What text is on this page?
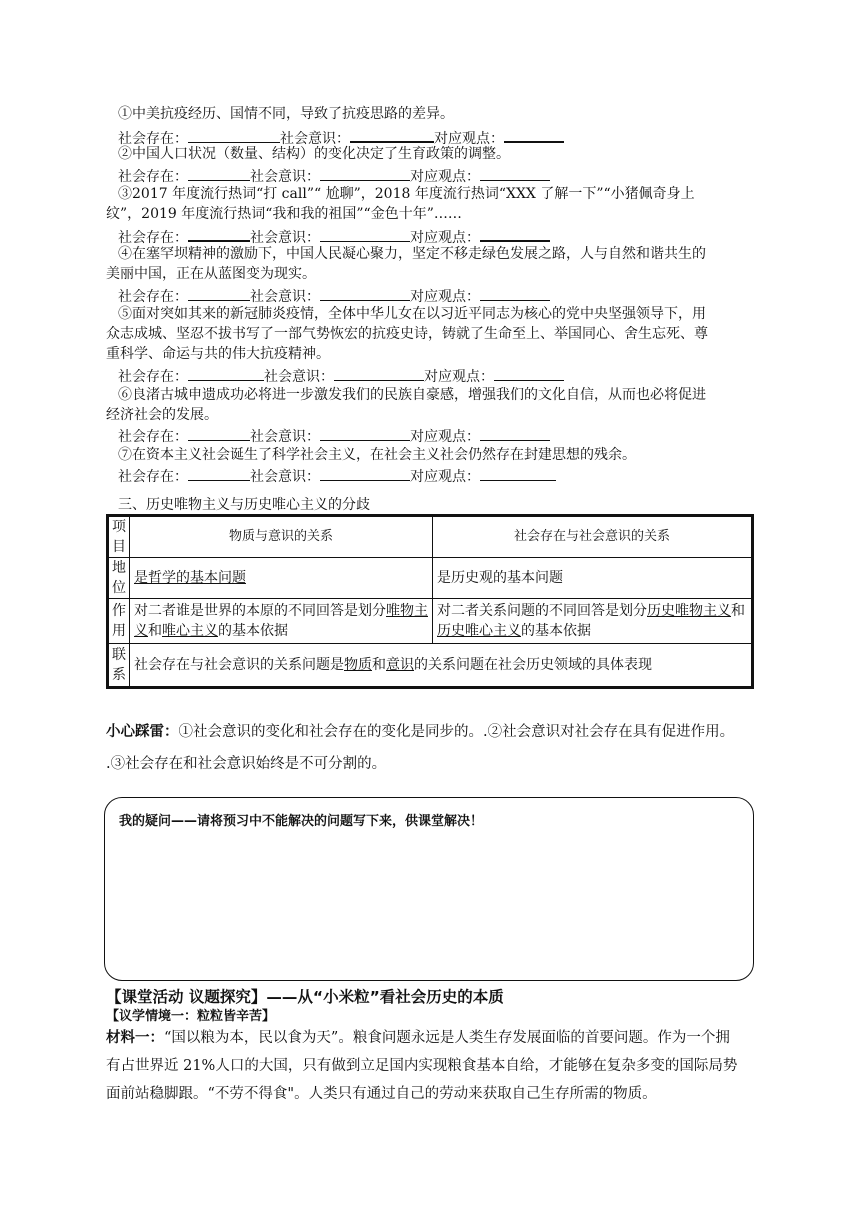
①中美抗疫经历、国情不同，导致了抗疫思路的差异。
社会存在：	社会意识：	对应观点：
②中国人口状况（数量、结构）的变化决定了生育政策的调整。
社会存在：	社会意识：	对应观点：
③2017 年度流行热词“打 call”“ 尬聊”，2018 年度流行热词“XXX 了解一下”“小猪佩奇身上
纹”，2019 年度流行热词“我和我的祖国”“金色十年”……
社会存在：	社会意识：	对应观点：
④在塞罕坝精神的激励下，中国人民凝心聚力，坚定不移走绿色发展之路，人与自然和谐共生的
美丽中国，正在从蓝图变为现实。
社会存在：	社会意识：	对应观点：
⑤面对突如其来的新冠肺炎疫情，全体中华儿女在以习近平同志为核心的党中央坚强领导下，用
众志成城、坚忍不拔书写了一部气势恢宏的抗疫史诗，铸就了生命至上、举国同心、舍生忘死、尊
重科学、命运与共的伟大抗疫精神。
社会存在：	社会意识：	对应观点：
⑥良渚古城申遗成功必将进一步激发我们的民族自豪感，增强我们的文化自信，从而也必将促进
经济社会的发展。
社会存在：	社会意识：	对应观点：
⑦在资本主义社会诞生了科学社会主义，在社会主义社会仍然存在封建思想的残余。
社会存在：	社会意识：	对应观点：
三、历史唯物主义与历史唯心主义的分歧
项目	物质与意识的关系	社会存在与社会意识的关系
地位	是哲学的基本问题	是历史观的基本问题
作用	对二者谁是世界的本原的不同回答是划分唯物主义和唯心主义的基本依据	对二者关系问题的不同回答是划分历史唯物主义和历史唯心主义的基本依据
联系	社会存在与社会意识的关系问题是物质和意识的关系问题在社会历史领域的具体表现	
小心踩雷：①社会意识的变化和社会存在的变化是同步的。.②社会意识对社会存在具有促进作用。
.③社会存在和社会意识始终是不可分割的。
我的疑问——请将预习中不能解决的问题写下来，供课堂解决！
【课堂活动 议题探究】——从“小米粒”看社会历史的本质
【议学情境一：粒粒皆辛苦】
材料一：“国以粮为本，民以食为天”。粮食问题永远是人类生存发展面临的首要问题。作为一个拥
有占世界近 21%人口的大国，只有做到立足国内实现粮食基本自给，才能够在复杂多变的国际局势
面前站稳脚跟。“不劳不得食"。人类只有通过自己的劳动来获取自己生存所需的物质。
